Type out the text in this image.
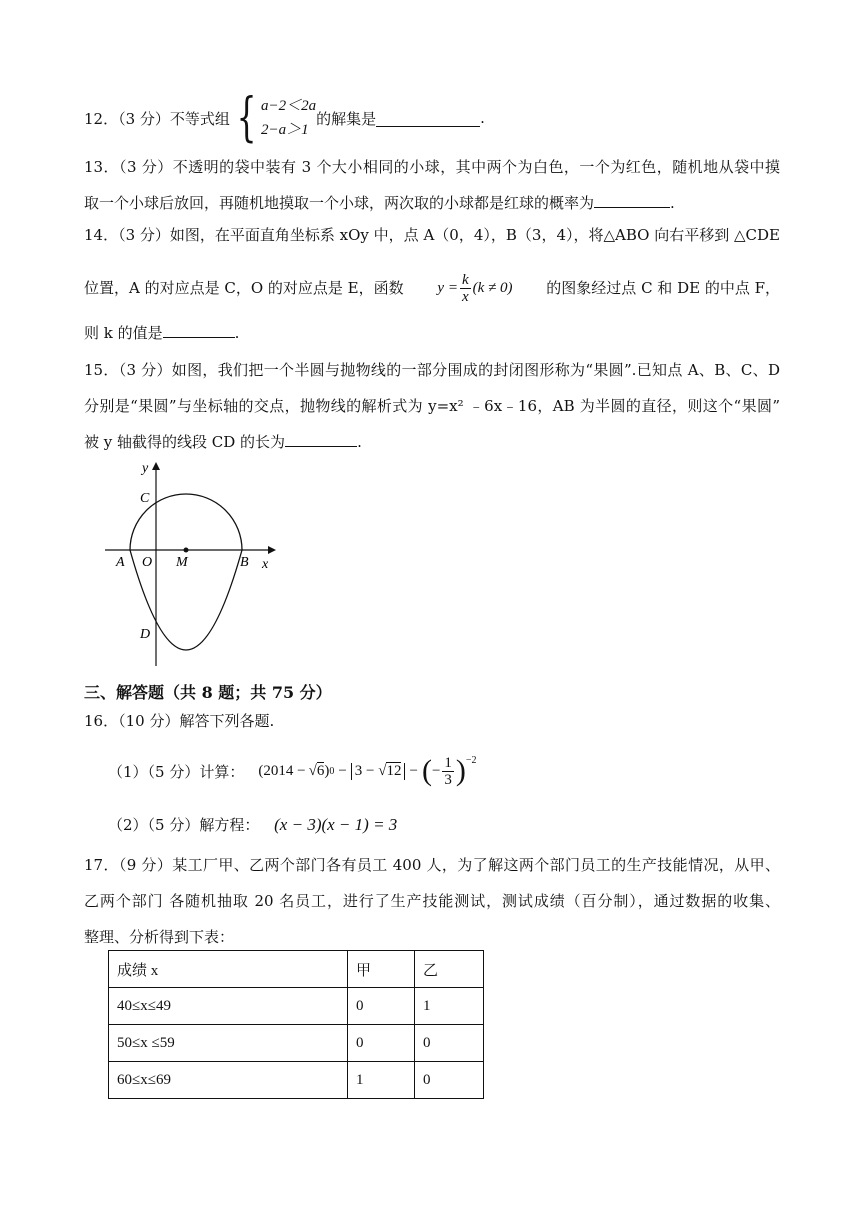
12．（3 分）不等式组 { a−2＜2a
2−a＞1
的解集是	.
13．（3 分）不透明的袋中装有 3 个大小相同的小球，其中两个为白色，一个为红色，随机地从袋中摸
取一个小球后放回，再随机地摸取一个小球，两次取的小球都是红球的概率为	.
14．（3 分）如图，在平面直角坐标系 xOy 中，点 A（0，4），B（3，4），将△ABO 向右平移到 △CDE
位置，A 的对应点是 C，O 的对应点是 E，函数 $y = \frac{k}{x} (k \ne 0)$ 的图象经过点 C 和 DE 的中点 F，
则 k 的值是	.
15．（3 分）如图，我们把一个半圆与抛物线的一部分围成的封闭图形称为“果圆”.已知点 A、B、C、D
分别是“果圆”与坐标轴的交点，抛物线的解析式为 y=x² ﹣6x﹣16，AB 为半圆的直径，则这个“果圆”
被 y 轴截得的线段 CD 的长为	.
y
x
C
A O M	B
D
三、解答题（共 8 题；共 75 分）
16．（10 分）解答下列各题.
（1）（5 分）计算： (2014 − √6 ) 0 − 3 − √12 − ( − $\frac{1}{3} )^{-2}$
（2）（5 分）解方程： (x − 3)(x − 1) = 3
17．（9 分）某工厂甲、乙两个部门各有员工 400 人，为了解这两个部门员工的生产技能情况，从甲、
乙两个部门 各随机抽取 20 名员工，进行了生产技能测试，测试成绩（百分制），通过数据的收集、
整理、分析得到下表：
成绩 x	甲	乙
40≤x≤49	0	1
50≤x ≤59	0	0
60≤x≤69	1	0
